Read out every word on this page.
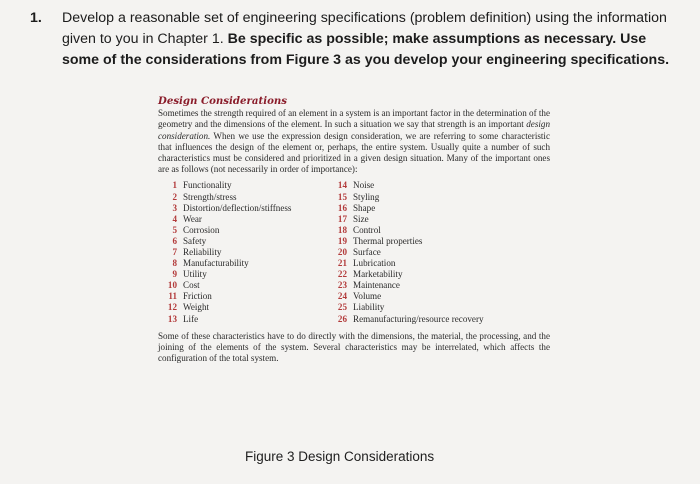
1. Develop a reasonable set of engineering specifications (problem definition) using the information given to you in Chapter 1. Be specific as possible; make assumptions as necessary. Use some of the considerations from Figure 3 as you develop your engineering specifications.
Design Considerations
Sometimes the strength required of an element in a system is an important factor in the determination of the geometry and the dimensions of the element. In such a situation we say that strength is an important design consideration. When we use the expression design consideration, we are referring to some characteristic that influences the design of the element or, perhaps, the entire system. Usually quite a number of such characteristics must be considered and prioritized in a given design situation. Many of the important ones are as follows (not necessarily in order of importance):
1 Functionality
2 Strength/stress
3 Distortion/deflection/stiffness
4 Wear
5 Corrosion
6 Safety
7 Reliability
8 Manufacturability
9 Utility
10 Cost
11 Friction
12 Weight
13 Life
14 Noise
15 Styling
16 Shape
17 Size
18 Control
19 Thermal properties
20 Surface
21 Lubrication
22 Marketability
23 Maintenance
24 Volume
25 Liability
26 Remanufacturing/resource recovery
Some of these characteristics have to do directly with the dimensions, the material, the processing, and the joining of the elements of the system. Several characteristics may be interrelated, which affects the configuration of the total system.
Figure 3 Design Considerations
